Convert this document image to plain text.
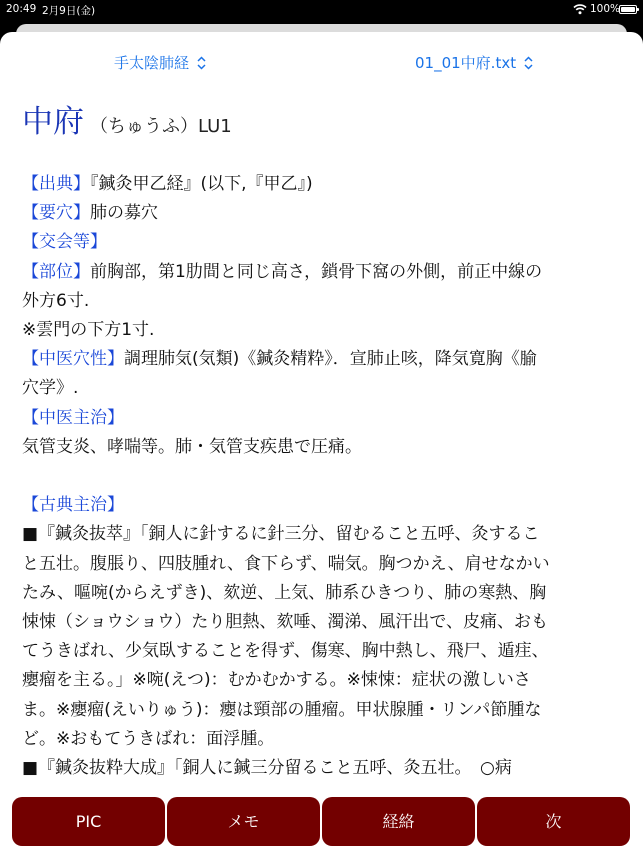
20:49 2月9日(金)	100%
手太陰肺経	01_01中府.txt
中府 （ちゅうふ）LU1
【出典】『鍼灸甲乙経』(以下,『甲乙』)
【要穴】肺の募穴
【交会等】
【部位】前胸部，第1肋間と同じ高さ，鎖骨下窩の外側，前正中線の
外方6寸.
※雲門の下方1寸.
【中医穴性】調理肺気(気類)《鍼灸精粋》．宣肺止咳，降気寛胸《腧
穴学》.
【中医主治】
気管支炎、哮喘等。肺・気管支疾患で圧痛。
【古典主治】
■『鍼灸抜萃』「銅人に針するに針三分、留むること五呼、灸するこ
と五壮。腹脹り、四肢腫れ、食下らず、喘気。胸つかえ、肩せなかい
たみ、嘔啘(からえずき)、欬逆、上気、肺系ひきつり、肺の寒熱、胸
悚悚（ショウショウ）たり胆熱、欬唾、濁涕、風汗出で、皮痛、おも
てうきばれ、少気臥することを得ず、傷寒、胸中熱し、飛尸、遁疰、
癭瘤を主る。」※啘(えつ)：むかむかする。※悚悚：症状の激しいさ
ま。※癭瘤(えいりゅう)：癭は頸部の腫瘤。甲状腺腫・リンパ節腫な
ど。※おもてうきばれ：面浮腫。
■『鍼灸抜粋大成』「銅人に鍼三分留ること五呼、灸五壮。　○病
PIC	メモ	経絡	次
